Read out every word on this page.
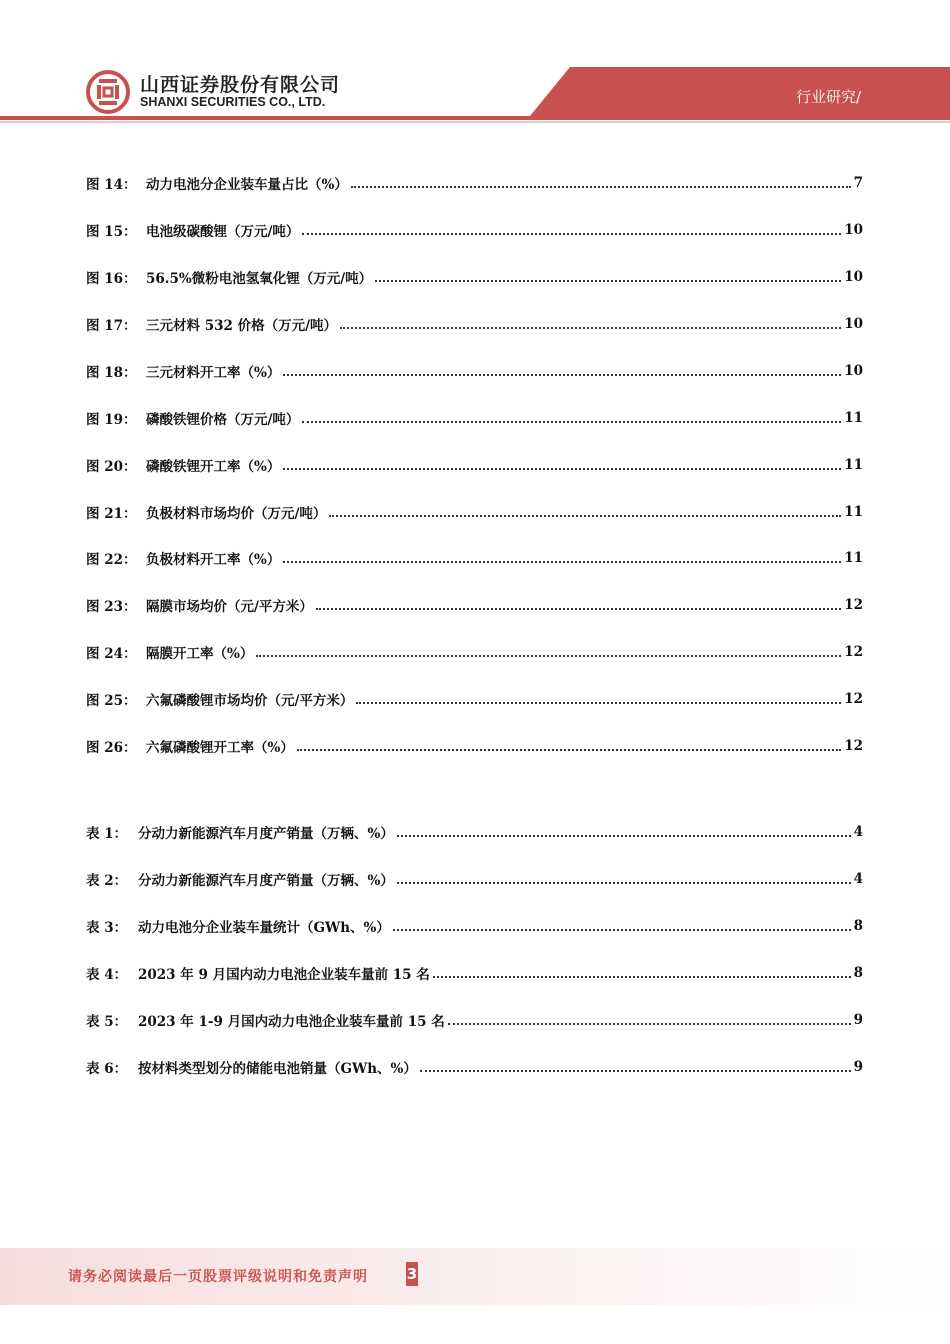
山西证券股份有限公司
SHANXI SECURITIES CO., LTD.	行业研究/
图 14： 动力电池分企业装车量占比（%）	7
图 15： 电池级碳酸锂（万元/吨）	10
图 16： 56.5%微粉电池氢氧化锂（万元/吨）	10
图 17： 三元材料 532 价格（万元/吨）	10
图 18： 三元材料开工率（%）	10
图 19： 磷酸铁锂价格（万元/吨）	11
图 20： 磷酸铁锂开工率（%）	11
图 21： 负极材料市场均价（万元/吨）	11
图 22： 负极材料开工率（%）	11
图 23： 隔膜市场均价（元/平方米）	12
图 24： 隔膜开工率（%）	12
图 25： 六氟磷酸锂市场均价（元/平方米）	12
图 26： 六氟磷酸锂开工率（%）	12
表 1： 分动力新能源汽车月度产销量（万辆、%）	4
表 2： 分动力新能源汽车月度产销量（万辆、%）	4
表 3： 动力电池分企业装车量统计（GWh、%）	8
表 4： 2023 年 9 月国内动力电池企业装车量前 15 名	8
表 5： 2023 年 1-9 月国内动力电池企业装车量前 15 名	9
表 6： 按材料类型划分的储能电池销量（GWh、%）	9
请务必阅读最后一页股票评级说明和免责声明	3
